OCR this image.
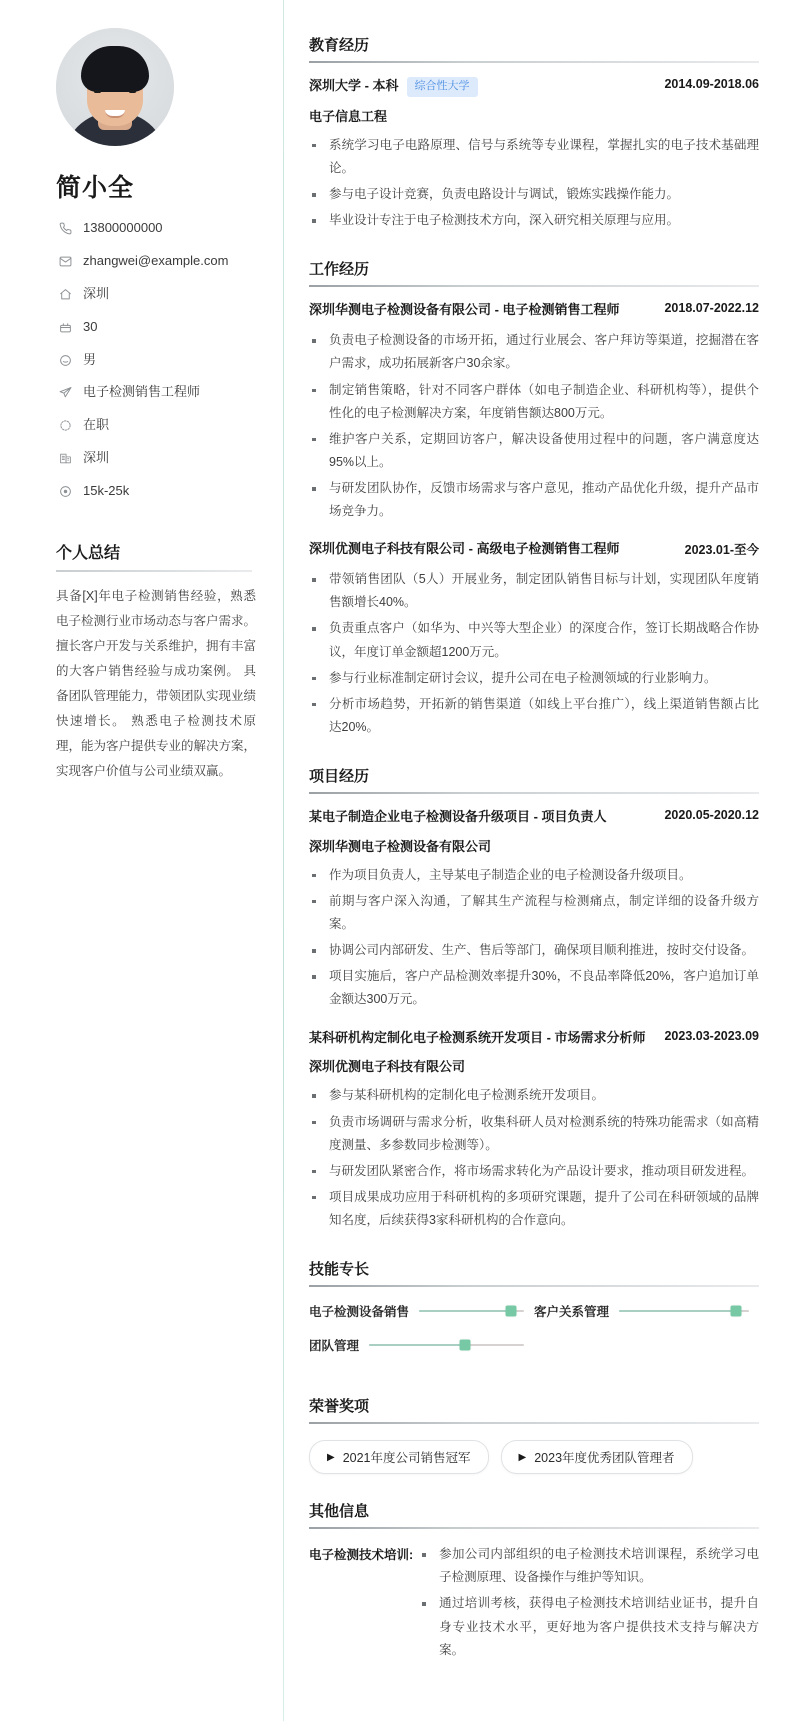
简小全
13800000000
zhangwei@example.com
深圳
30
男
电子检测销售工程师
在职
深圳
15k-25k
个人总结
具备[X]年电子检测销售经验，熟悉电子检测行业市场动态与客户需求。 擅长客户开发与关系维护，拥有丰富的大客户销售经验与成功案例。 具备团队管理能力，带领团队实现业绩快速增长。 熟悉电子检测技术原理，能为客户提供专业的解决方案，实现客户价值与公司业绩双赢。
教育经历
深圳大学 - 本科 综合性大学	2014.09-2018.06
电子信息工程
系统学习电子电路原理、信号与系统等专业课程，掌握扎实的电子技术基础理论。
参与电子设计竞赛，负责电路设计与调试，锻炼实践操作能力。
毕业设计专注于电子检测技术方向，深入研究相关原理与应用。
工作经历
深圳华测电子检测设备有限公司 - 电子检测销售工程师	2018.07-2022.12
负责电子检测设备的市场开拓，通过行业展会、客户拜访等渠道，挖掘潜在客户需求，成功拓展新客户30余家。
制定销售策略，针对不同客户群体（如电子制造企业、科研机构等），提供个性化的电子检测解决方案，年度销售额达800万元。
维护客户关系，定期回访客户，解决设备使用过程中的问题，客户满意度达95%以上。
与研发团队协作，反馈市场需求与客户意见，推动产品优化升级，提升产品市场竞争力。
深圳优测电子科技有限公司 - 高级电子检测销售工程师	2023.01-至今
带领销售团队（5人）开展业务，制定团队销售目标与计划，实现团队年度销售额增长40%。
负责重点客户（如华为、中兴等大型企业）的深度合作，签订长期战略合作协议，年度订单金额超1200万元。
参与行业标准制定研讨会议，提升公司在电子检测领域的行业影响力。
分析市场趋势，开拓新的销售渠道（如线上平台推广），线上渠道销售额占比达20%。
项目经历
某电子制造企业电子检测设备升级项目 - 项目负责人	2020.05-2020.12
深圳华测电子检测设备有限公司
作为项目负责人，主导某电子制造企业的电子检测设备升级项目。
前期与客户深入沟通，了解其生产流程与检测痛点，制定详细的设备升级方案。
协调公司内部研发、生产、售后等部门，确保项目顺利推进，按时交付设备。
项目实施后，客户产品检测效率提升30%，不良品率降低20%，客户追加订单金额达300万元。
某科研机构定制化电子检测系统开发项目 - 市场需求分析师	2023.03-2023.09
深圳优测电子科技有限公司
参与某科研机构的定制化电子检测系统开发项目。
负责市场调研与需求分析，收集科研人员对检测系统的特殊功能需求（如高精度测量、多参数同步检测等）。
与研发团队紧密合作，将市场需求转化为产品设计要求，推动项目研发进程。
项目成果成功应用于科研机构的多项研究课题，提升了公司在科研领域的品牌知名度，后续获得3家科研机构的合作意向。
技能专长
电子检测设备销售	客户关系管理
团队管理
荣誉奖项
▶ 2021年度公司销售冠军	▶ 2023年度优秀团队管理者
其他信息
电子检测技术培训:	参加公司内部组织的电子检测技术培训课程，系统学习电子检测原理、设备操作与维护等知识。
通过培训考核，获得电子检测技术培训结业证书，提升自身专业技术水平，更好地为客户提供技术支持与解决方案。
